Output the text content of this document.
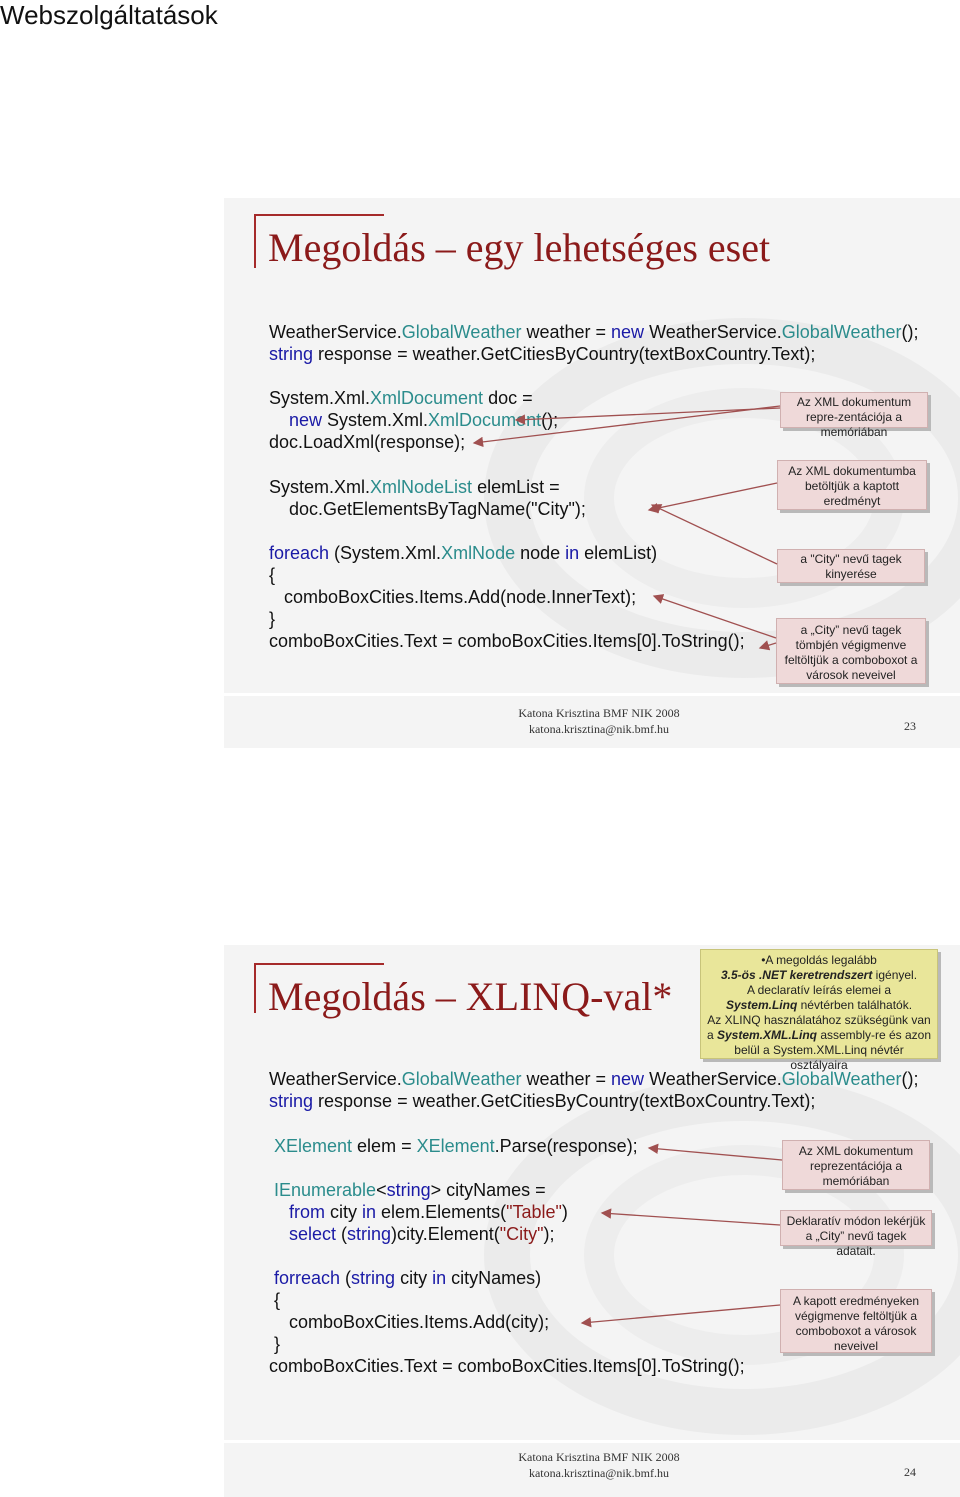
Webszolgáltatások
Megoldás – egy lehetséges eset
WeatherService.GlobalWeather weather = new WeatherService.GlobalWeather();
string response = weather.GetCitiesByCountry(textBoxCountry.Text);
System.Xml.XmlDocument doc =
new System.Xml.XmlDocument();
doc.LoadXml(response);
System.Xml.XmlNodeList elemList =
doc.GetElementsByTagName("City");
foreach (System.Xml.XmlNode node in elemList)
{
comboBoxCities.Items.Add(node.InnerText);
}
comboBoxCities.Text = comboBoxCities.Items[0].ToString();
Az XML dokumentum repre-zentációja a memóriában
Az XML dokumentumba betöltjük a kaptott eredményt
a "City" nevű tagek kinyerése
a „City” nevű tagek tömbjén végigmenve feltöltjük a comboboxot a városok neveivel
Katona Krisztina BMF NIK 2008
katona.krisztina@nik.bmf.hu	23
Megoldás – XLINQ-val*
•A megoldás legalább
3.5-ös .NET keretrendszert igényel.
A declaratív leírás elemei a
System.Linq névtérben találhatók.
Az XLINQ használatához szükségünk van
a System.XML.Linq assembly-re és azon
belül a System.XML.Linq névtér osztályaira
WeatherService.GlobalWeather weather = new WeatherService.GlobalWeather();
string response = weather.GetCitiesByCountry(textBoxCountry.Text);
XElement elem = XElement.Parse(response);
IEnumerable<string> cityNames =
from city in elem.Elements("Table")
select (string)city.Element("City");
forreach (string city in cityNames)
{
comboBoxCities.Items.Add(city);
}
comboBoxCities.Text = comboBoxCities.Items[0].ToString();
Az XML dokumentum reprezentációja a memóriában
Deklaratív módon lekérjük a „City” nevű tagek adatait.
A kapott eredményeken végigmenve feltöltjük a comboboxot a városok neveivel
Katona Krisztina BMF NIK 2008
katona.krisztina@nik.bmf.hu	24
